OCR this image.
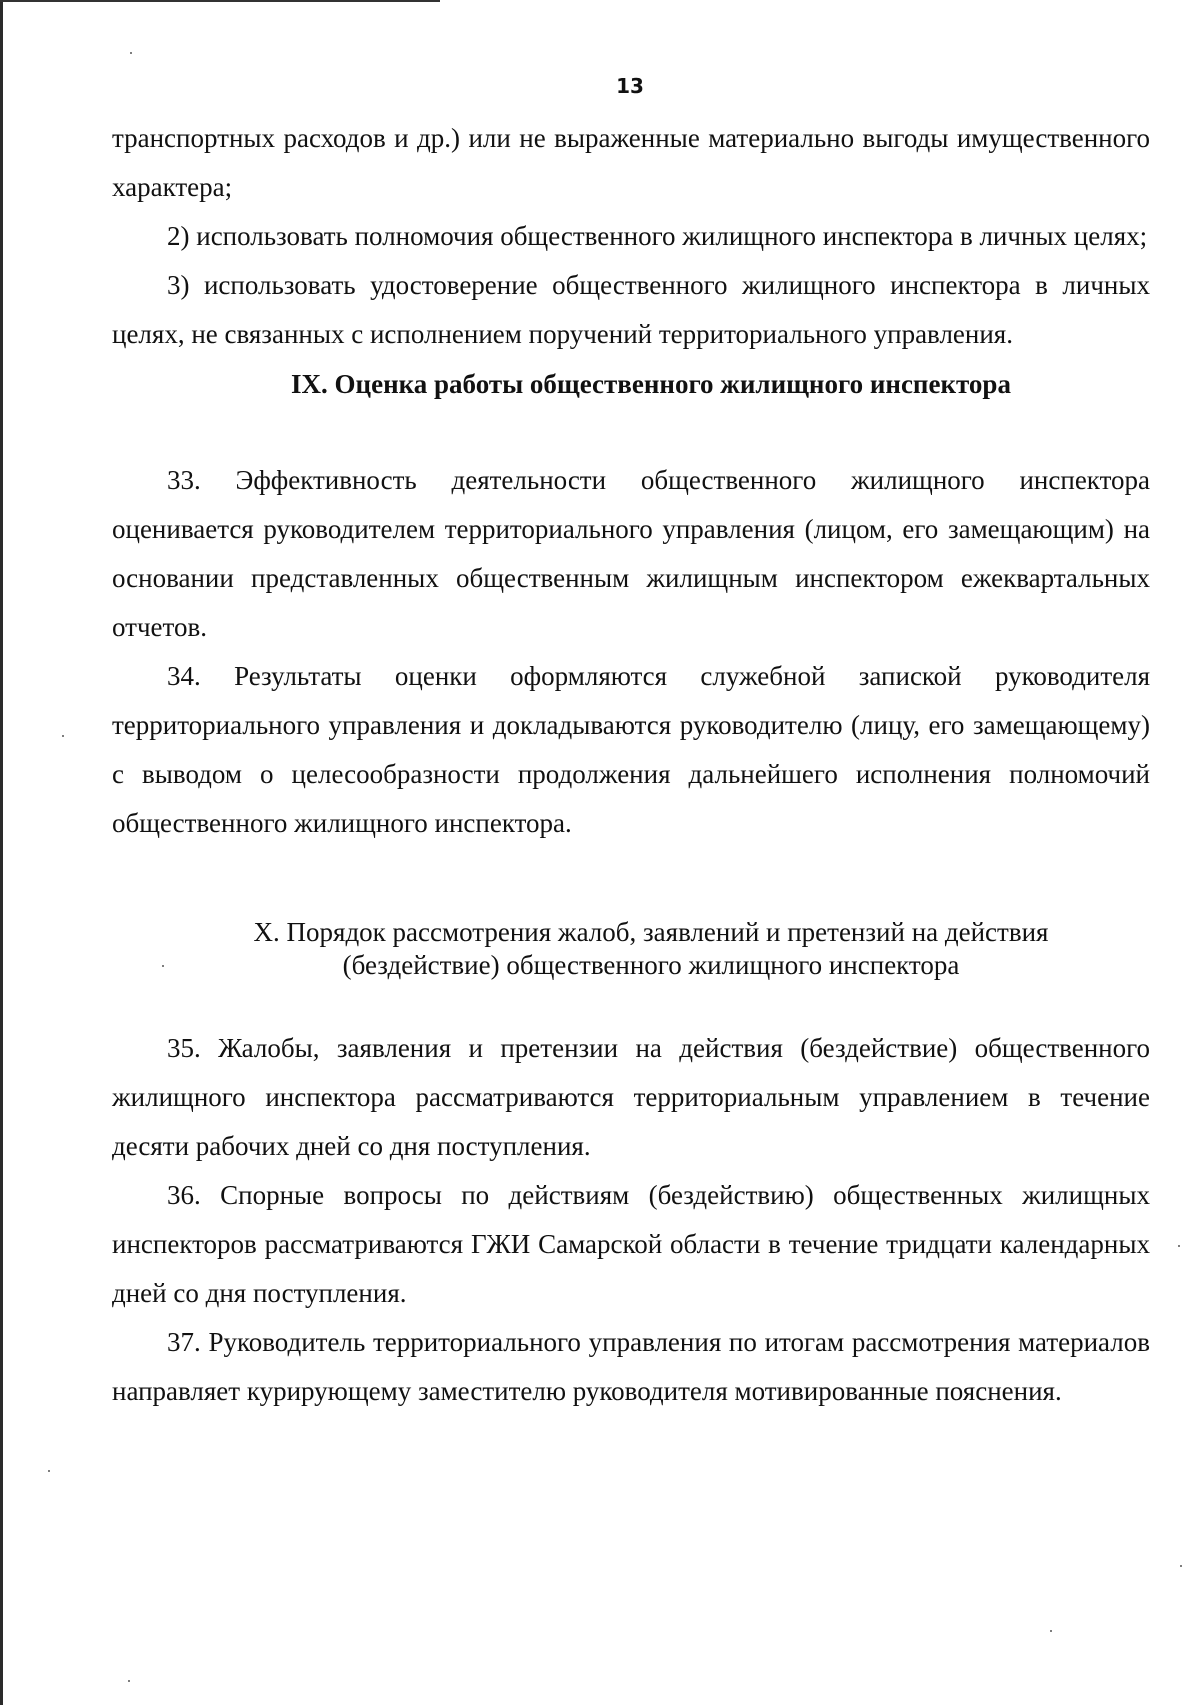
13

транспортных расходов и др.) или не выраженные материально выгоды имущественного характера;

2) использовать полномочия общественного жилищного инспектора в личных целях;

3) использовать удостоверение общественного жилищного инспектора в личных целях, не связанных с исполнением поручений территориального управления.

IX. Оценка работы общественного жилищного инспектора

33. Эффективность деятельности общественного жилищного инспектора оценивается руководителем территориального управления (лицом, его замещающим) на основании представленных общественным жилищным инспектором ежеквартальных отчетов.

34. Результаты оценки оформляются служебной запиской руководителя территориального управления и докладываются руководителю (лицу, его замещающему) с выводом о целесообразности продолжения дальнейшего исполнения полномочий общественного жилищного инспектора.

X. Порядок рассмотрения жалоб, заявлений и претензий на действия
(бездействие) общественного жилищного инспектора

35. Жалобы, заявления и претензии на действия (бездействие) общественного жилищного инспектора рассматриваются территориальным управлением в течение десяти рабочих дней со дня поступления.

36. Спорные вопросы по действиям (бездействию) общественных жилищных инспекторов рассматриваются ГЖИ Самарской области в течение тридцати календарных дней со дня поступления.

37. Руководитель территориального управления по итогам рассмотрения материалов направляет курирующему заместителю руководителя мотивированные пояснения.
